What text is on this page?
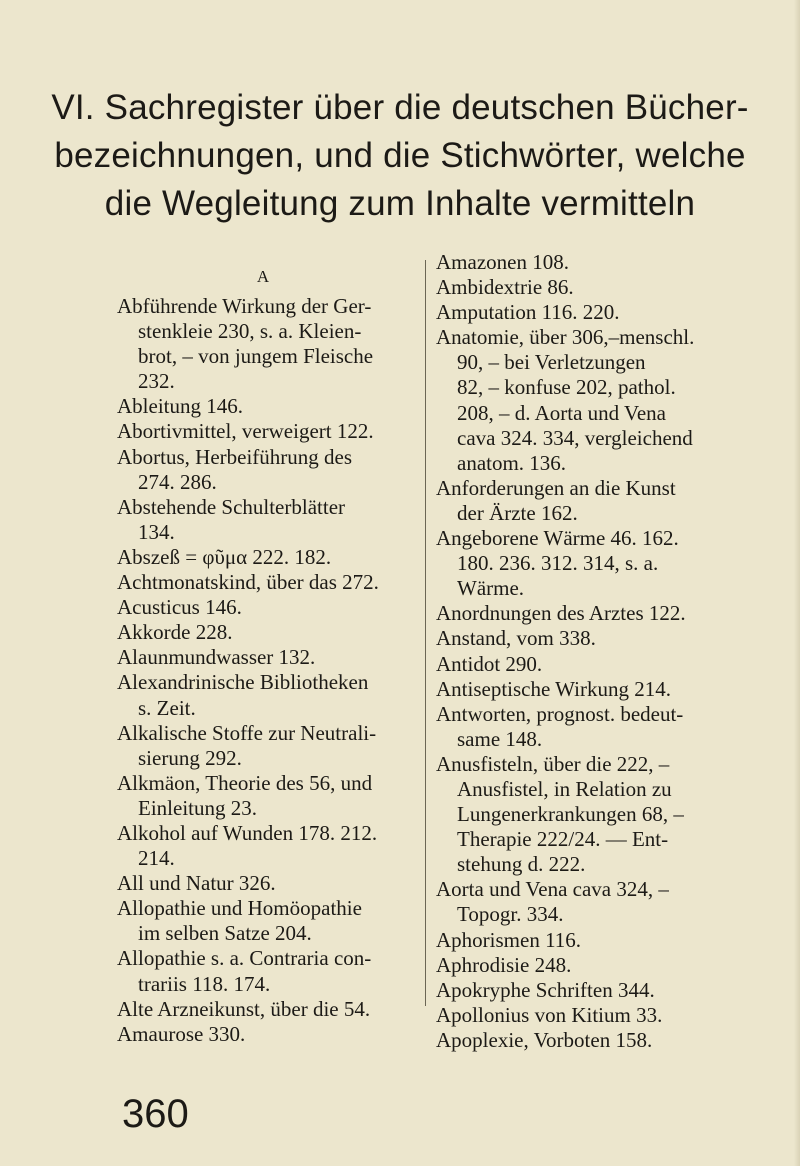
VI. Sachregister über die deutschen Bücher-
bezeichnungen, und die Stichwörter, welche
die Wegleitung zum Inhalte vermitteln
A
Abführende Wirkung der Ger-
stenkleie 230, s. a. Kleien-
brot, – von jungem Fleische
232.
Ableitung 146.
Abortivmittel, verweigert 122.
Abortus, Herbeiführung des
274. 286.
Abstehende Schulterblätter
134.
Abszeß = φῦμα 222. 182.
Achtmonatskind, über das 272.
Acusticus 146.
Akkorde 228.
Alaunmundwasser 132.
Alexandrinische Bibliotheken
s. Zeit.
Alkalische Stoffe zur Neutrali-
sierung 292.
Alkmäon, Theorie des 56, und
Einleitung 23.
Alkohol auf Wunden 178. 212.
214.
All und Natur 326.
Allopathie und Homöopathie
im selben Satze 204.
Allopathie s. a. Contraria con-
trariis 118. 174.
Alte Arzneikunst, über die 54.
Amaurose 330.
Amazonen 108.
Ambidextrie 86.
Amputation 116. 220.
Anatomie, über 306,–menschl.
90, – bei Verletzungen
82, – konfuse 202, pathol.
208, – d. Aorta und Vena
cava 324. 334, vergleichend
anatom. 136.
Anforderungen an die Kunst
der Ärzte 162.
Angeborene Wärme 46. 162.
180. 236. 312. 314, s. a.
Wärme.
Anordnungen des Arztes 122.
Anstand, vom 338.
Antidot 290.
Antiseptische Wirkung 214.
Antworten, prognost. bedeut-
same 148.
Anusfisteln, über die 222, –
Anusfistel, in Relation zu
Lungenerkrankungen 68, –
Therapie 222/24. — Ent-
stehung d. 222.
Aorta und Vena cava 324, –
Topogr. 334.
Aphorismen 116.
Aphrodisie 248.
Apokryphe Schriften 344.
Apollonius von Kitium 33.
Apoplexie, Vorboten 158.
360
